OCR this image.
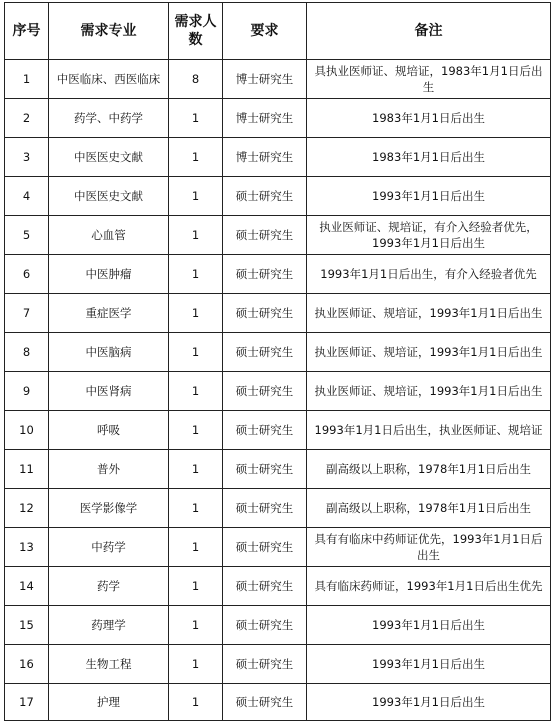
序号	需求专业	需求人数	要求	备注
1	中医临床、西医临床	8	博士研究生	具执业医师证、规培证，1983年1月1日后出生
2	药学、中药学	1	博士研究生	1983年1月1日后出生
3	中医医史文献	1	博士研究生	1983年1月1日后出生
4	中医医史文献	1	硕士研究生	1993年1月1日后出生
5	心血管	1	硕士研究生	执业医师证、规培证，有介入经验者优先，1993年1月1日后出生
6	中医肿瘤	1	硕士研究生	1993年1月1日后出生，有介入经验者优先
7	重症医学	1	硕士研究生	执业医师证、规培证，1993年1月1日后出生
8	中医脑病	1	硕士研究生	执业医师证、规培证，1993年1月1日后出生
9	中医肾病	1	硕士研究生	执业医师证、规培证，1993年1月1日后出生
10	呼吸	1	硕士研究生	1993年1月1日后出生，执业医师证、规培证
11	普外	1	硕士研究生	副高级以上职称，1978年1月1日后出生
12	医学影像学	1	硕士研究生	副高级以上职称，1978年1月1日后出生
13	中药学	1	硕士研究生	具有有临床中药师证优先，1993年1月1日后出生
14	药学	1	硕士研究生	具有临床药师证，1993年1月1日后出生优先
15	药理学	1	硕士研究生	1993年1月1日后出生
16	生物工程	1	硕士研究生	1993年1月1日后出生
17	护理	1	硕士研究生	1993年1月1日后出生
